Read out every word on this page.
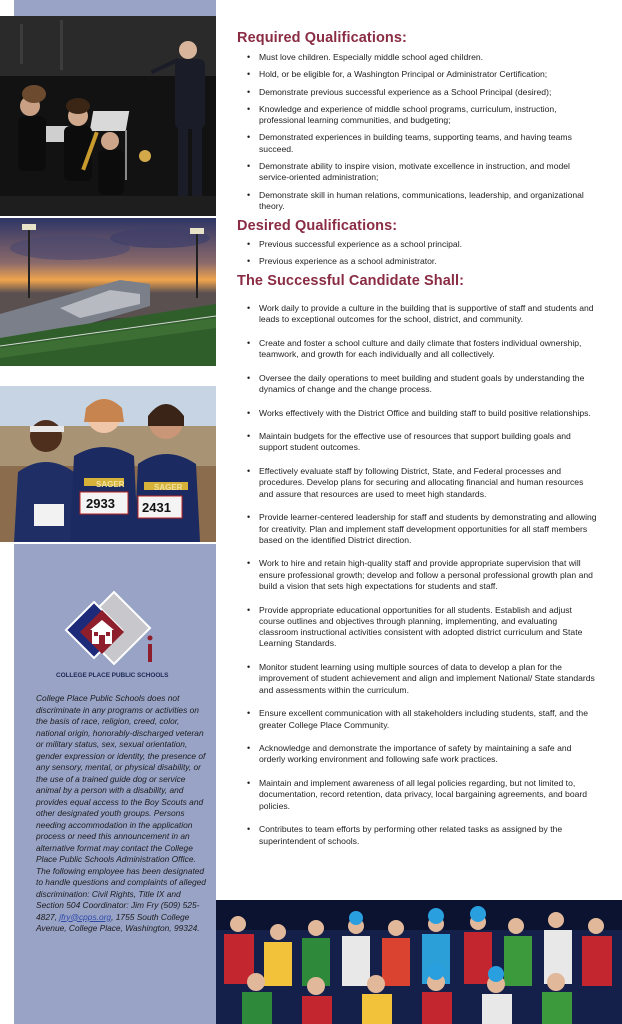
SAGER	SAGER
2933 2431
COLLEGE PLACE PUBLIC SCHOOLS

College Place Public Schools does not discriminate in any programs or activities on the basis of race, religion, creed, color, national origin, honorably-discharged veteran or military status, sex, sexual orientation, gender expression or identity, the presence of any sensory, mental, or physical disability, or the use of a trained guide dog or service animal by a person with a disability, and provides equal access to the Boy Scouts and other designated youth groups. Persons needing accommodation in the application process or need this announcement in an alternative format may contact the College Place Public Schools Administration Office. The following employee has been designated to handle questions and complaints of alleged discrimination: Civil Rights, Title IX and Section 504 Coordinator: Jim Fry (509) 525-4827, jfry@cpps.org, 1755 South College Avenue, College Place, Washington, 99324.

Required Qualifications:
• Must love children. Especially middle school aged children.
• Hold, or be eligible for, a Washington Principal or Administrator Certification;
• Demonstrate previous successful experience as a School Principal (desired);
• Knowledge and experience of middle school programs, curriculum, instruction, professional learning communities, and budgeting;
• Demonstrated experiences in building teams, supporting teams, and having teams succeed.
• Demonstrate ability to inspire vision, motivate excellence in instruction, and model service-oriented administration;
• Demonstrate skill in human relations, communications, leadership, and organizational theory.
Desired Qualifications:
• Previous successful experience as a school principal.
• Previous experience as a school administrator.
The Successful Candidate Shall:
• Work daily to provide a culture in the building that is supportive of staff and students and leads to exceptional outcomes for the school, district, and community.
• Create and foster a school culture and daily climate that fosters individual ownership, teamwork, and growth for each individually and all collectively.
• Oversee the daily operations to meet building and student goals by understanding the dynamics of change and the change process.
• Works effectively with the District Office and building staff to build positive relationships.
• Maintain budgets for the effective use of resources that support building goals and support student outcomes.
• Effectively evaluate staff by following District, State, and Federal processes and procedures. Develop plans for securing and allocating financial and human resources and assure that resources are used to meet high standards.
• Provide learner-centered leadership for staff and students by demonstrating and allowing for creativity. Plan and implement staff development opportunities for all staff members based on the identified District direction.
• Work to hire and retain high-quality staff and provide appropriate supervision that will ensure professional growth; develop and follow a personal professional growth plan and build a vision that sets high expectations for students and staff.
• Provide appropriate educational opportunities for all students. Establish and adjust course outlines and objectives through planning, implementing, and evaluating classroom instructional activities consistent with adopted district curriculum and State Learning Standards.
• Monitor student learning using multiple sources of data to develop a plan for the improvement of student achievement and align and implement National/ State standards and assessments within the curriculum.
• Ensure excellent communication with all stakeholders including students, staff, and the greater College Place Community.
• Acknowledge and demonstrate the importance of safety by maintaining a safe and orderly working environment and following safe work practices.
• Maintain and implement awareness of all legal policies regarding, but not limited to, documentation, record retention, data privacy, local bargaining agreements, and board policies.
• Contributes to team efforts by performing other related tasks as assigned by the superintendent of schools.
